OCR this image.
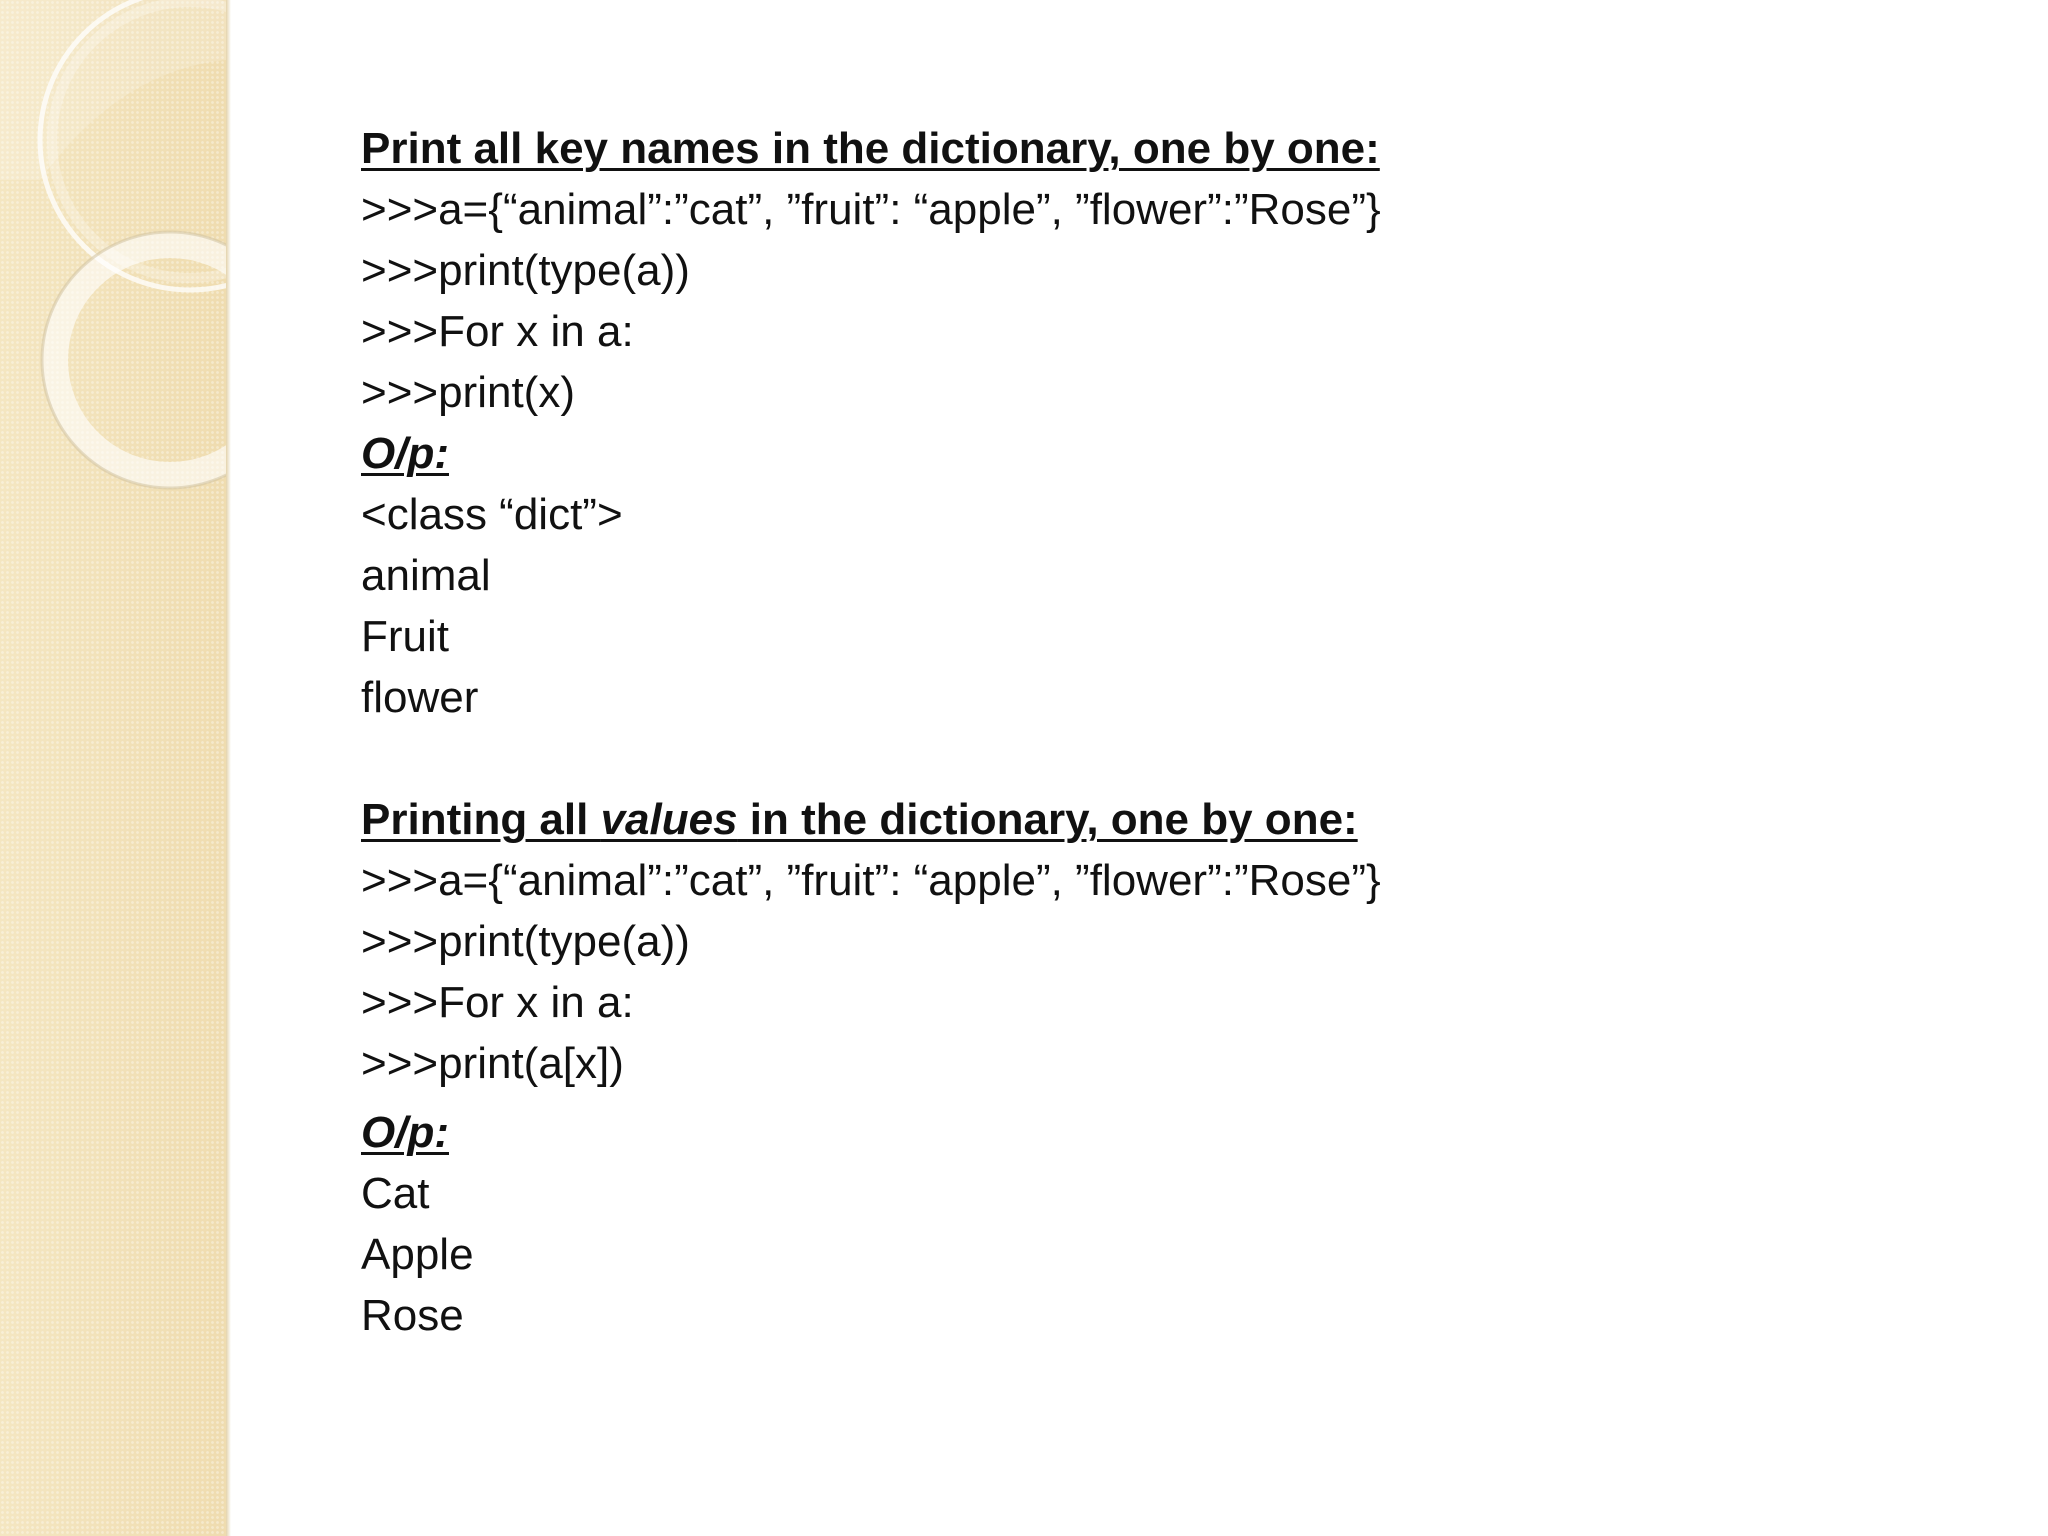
Print all key names in the dictionary, one by one:
>>>a={“animal”:”cat”, ”fruit”: “apple”, ”flower”:”Rose”}
>>>print(type(a))
>>>For x in a:
>>>print(x)
O/p:
<class “dict”>
animal
Fruit
flower
Printing all values in the dictionary, one by one:
>>>a={“animal”:”cat”, ”fruit”: “apple”, ”flower”:”Rose”}
>>>print(type(a))
>>>For x in a:
>>>print(a[x])
O/p:
Cat
Apple
Rose
